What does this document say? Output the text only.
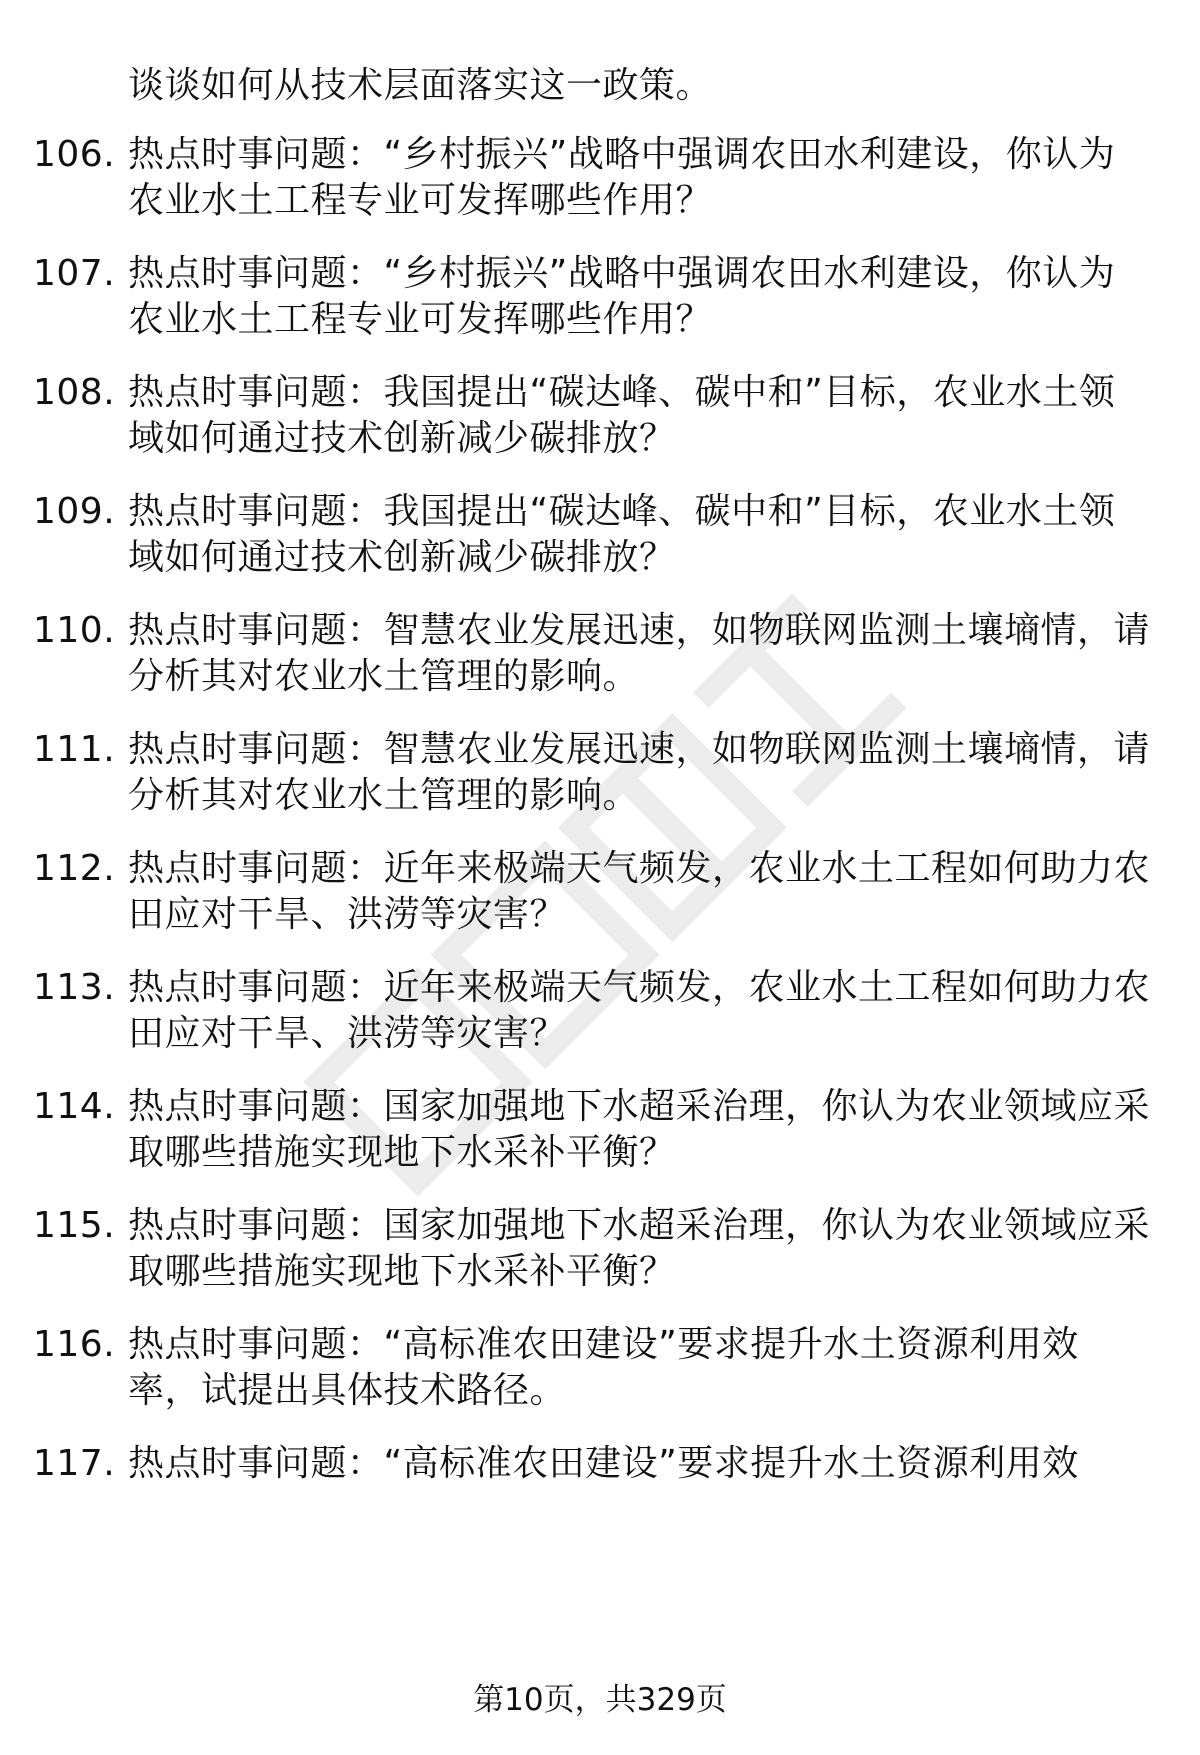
谈谈如何从技术层面落实这一政策。
106. 热点时事问题：“乡村振兴”战略中强调农田水利建设，你认为
农业水土工程专业可发挥哪些作用？
107. 热点时事问题：“乡村振兴”战略中强调农田水利建设，你认为
农业水土工程专业可发挥哪些作用？
108. 热点时事问题：我国提出“碳达峰、碳中和”目标，农业水土领
域如何通过技术创新减少碳排放？
109. 热点时事问题：我国提出“碳达峰、碳中和”目标，农业水土领
域如何通过技术创新减少碳排放？
110. 热点时事问题：智慧农业发展迅速，如物联网监测土壤墒情，请
分析其对农业水土管理的影响。
111. 热点时事问题：智慧农业发展迅速，如物联网监测土壤墒情，请
分析其对农业水土管理的影响。
112. 热点时事问题：近年来极端天气频发，农业水土工程如何助力农
田应对干旱、洪涝等灾害？
113. 热点时事问题：近年来极端天气频发，农业水土工程如何助力农
田应对干旱、洪涝等灾害？
114. 热点时事问题：国家加强地下水超采治理，你认为农业领域应采
取哪些措施实现地下水采补平衡？
115. 热点时事问题：国家加强地下水超采治理，你认为农业领域应采
取哪些措施实现地下水采补平衡？
116. 热点时事问题：“高标准农田建设”要求提升水土资源利用效
率，试提出具体技术路径。
117. 热点时事问题：“高标准农田建设”要求提升水土资源利用效
第10页，共329页
